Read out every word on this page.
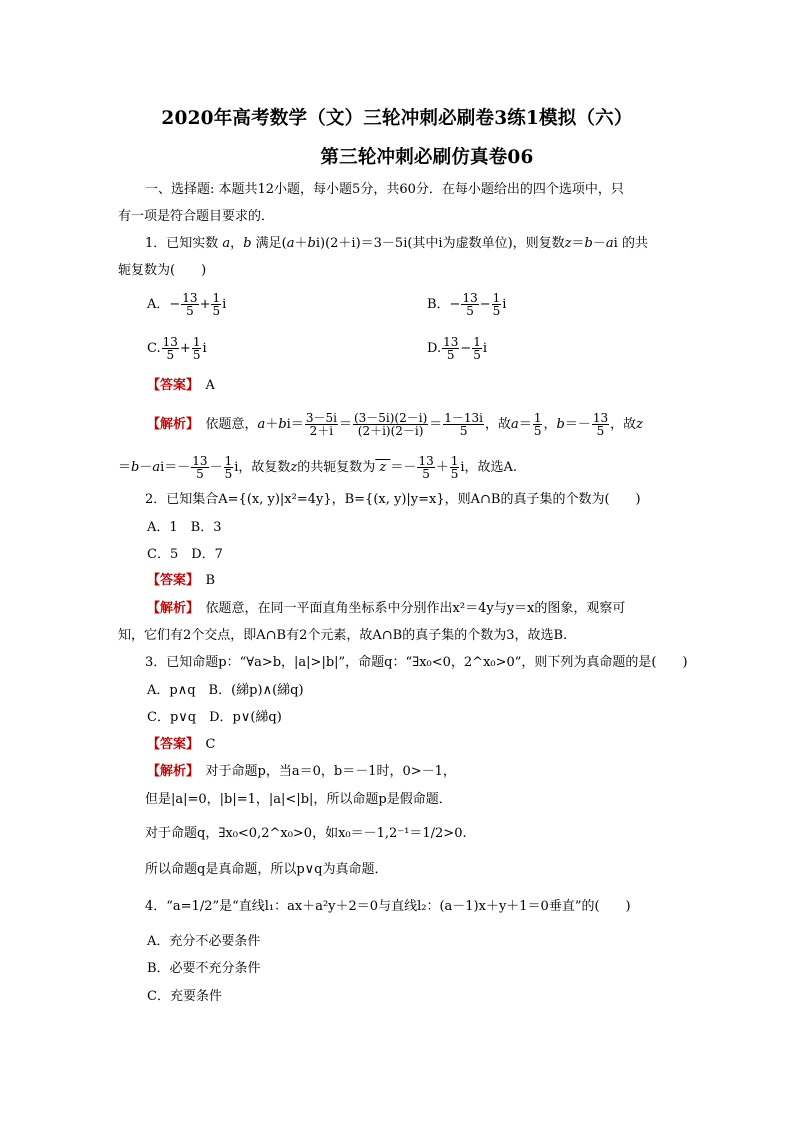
2020年高考数学（文）三轮冲刺必刷卷3练1模拟（六）
第三轮冲刺必刷仿真卷06
一、选择题: 本题共12小题，每小题5分，共60分．在每小题给出的四个选项中，只
有一项是符合题目要求的．
1．已知实数 a，b 满足(a＋bi)(2＋i)＝3－5i(其中i为虚数单位)，则复数z＝b－ai 的共
轭复数为(　　)
A．− $\frac{13}{5} + \frac{1}{5}$ i	B．− $\frac{13}{5} - \frac{1}{5}$ i
C. $\frac{13}{5} + \frac{1}{5}$ i	D. $\frac{13}{5} - \frac{1}{5}$ i
【答案】　 A
【解析】　 依题意，$a+bi= \frac{3-5i}{2+i} = \frac{(3-5i)(2-i)}{(2+i)(2-i)} = \frac{1-13i}{5}$ ，故$a= \frac{1}{5}$ ，$b=- \frac{13}{5}$ ，故z
$=b-ai=- \frac{13}{5} - \frac{1}{5}$ i，故复数z的共轭复数为 $z =- \frac{13}{5} + \frac{1}{5}$ i，故选A.
2．已知集合A={(x, y)|x²=4y}，B={(x, y)|y=x}，则A∩B的真子集的个数为(　　)
A．1　B．3
C．5　D．7
【答案】　 B
【解析】　 依题意，在同一平面直角坐标系中分别作出x²＝4y与y＝x的图象，观察可
知，它们有2个交点，即A∩B有2个元素，故A∩B的真子集的个数为3，故选B.
3．已知命题p：“∀a>b，|a|>|b|”，命题q：“∃x₀<0，2^x₀>0”，则下列为真命题的是(　　)
A．p∧q　B．(綈p)∧(綈q)
C．p∨q　D．p∨(綈q)
【答案】　 C
【解析】　 对于命题p，当a＝0，b＝－1时，0>－1，
但是|a|=0，|b|=1，|a|<|b|，所以命题p是假命题．
对于命题q，∃x₀<0,2^x₀>0，如x₀＝－1,2⁻¹＝1/2>0.
所以命题q是真命题，所以p∨q为真命题．
4．“a=1/2”是“直线l₁：ax＋a²y＋2＝0与直线l₂：(a－1)x＋y＋1＝0垂直”的(　　)
A．充分不必要条件
B．必要不充分条件
C．充要条件
